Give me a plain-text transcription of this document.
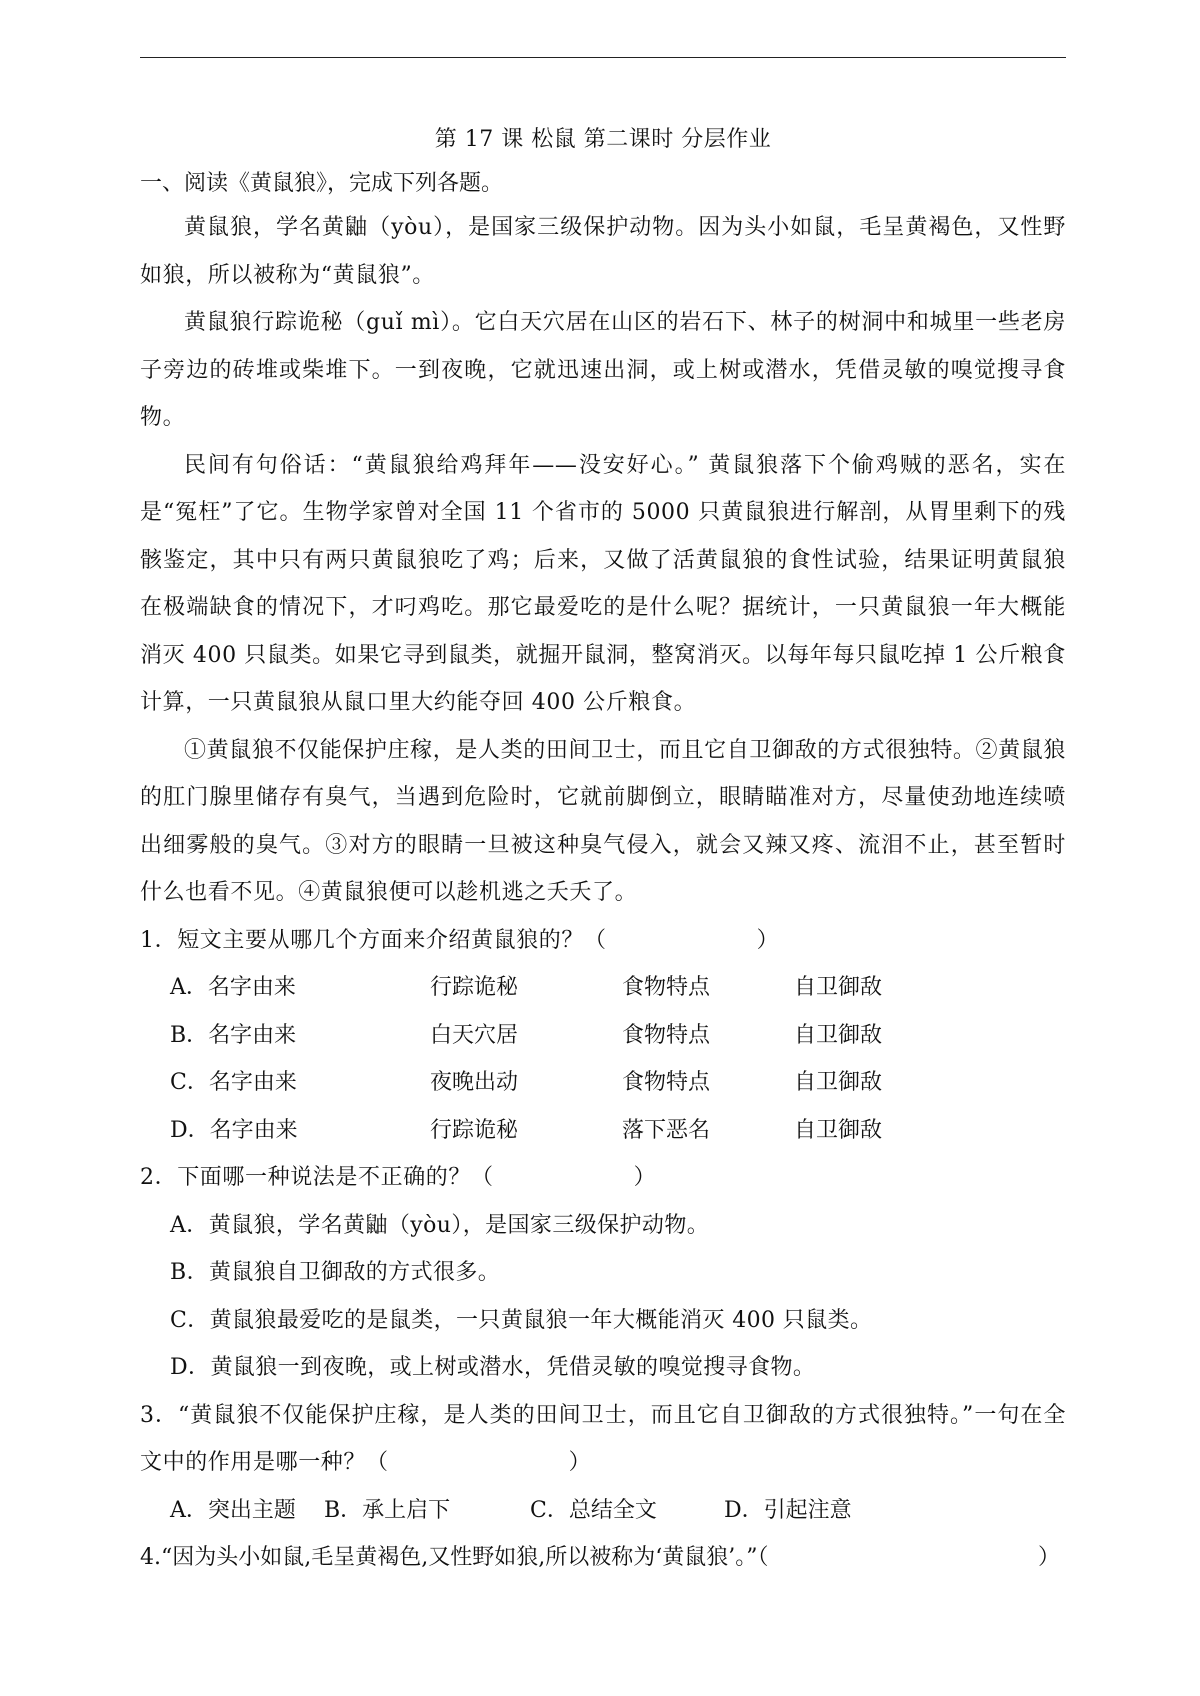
第 17 课 松鼠 第二课时 分层作业

一、阅读《黄鼠狼》，完成下列各题。

黄鼠狼，学名黄鼬（yòu），是国家三级保护动物。因为头小如鼠，毛呈黄褐色，又性野如狼，所以被称为“黄鼠狼”。

黄鼠狼行踪诡秘（guǐ mì）。它白天穴居在山区的岩石下、林子的树洞中和城里一些老房子旁边的砖堆或柴堆下。一到夜晚，它就迅速出洞，或上树或潜水，凭借灵敏的嗅觉搜寻食物。

民间有句俗话：“黄鼠狼给鸡拜年——没安好心。” 黄鼠狼落下个偷鸡贼的恶名，实在是“冤枉”了它。生物学家曾对全国 11 个省市的 5000 只黄鼠狼进行解剖，从胃里剩下的残骸鉴定，其中只有两只黄鼠狼吃了鸡；后来，又做了活黄鼠狼的食性试验，结果证明黄鼠狼在极端缺食的情况下，才叼鸡吃。那它最爱吃的是什么呢？据统计，一只黄鼠狼一年大概能消灭 400 只鼠类。如果它寻到鼠类，就掘开鼠洞，整窝消灭。以每年每只鼠吃掉 1 公斤粮食计算，一只黄鼠狼从鼠口里大约能夺回 400 公斤粮食。

①黄鼠狼不仅能保护庄稼，是人类的田间卫士，而且它自卫御敌的方式很独特。②黄鼠狼的肛门腺里储存有臭气，当遇到危险时，它就前脚倒立，眼睛瞄准对方，尽量使劲地连续喷出细雾般的臭气。③对方的眼睛一旦被这种臭气侵入，就会又辣又疼、流泪不止，甚至暂时什么也看不见。④黄鼠狼便可以趁机逃之夭夭了。

1．短文主要从哪几个方面来介绍黄鼠狼的？（	）

A．名字由来	行踪诡秘	食物特点	自卫御敌
B．名字由来	白天穴居	食物特点	自卫御敌
C．名字由来	夜晚出动	食物特点	自卫御敌
D．名字由来	行踪诡秘	落下恶名	自卫御敌

2．下面哪一种说法是不正确的？（	）

A．黄鼠狼，学名黄鼬（yòu），是国家三级保护动物。

B．黄鼠狼自卫御敌的方式很多。

C．黄鼠狼最爱吃的是鼠类，一只黄鼠狼一年大概能消灭 400 只鼠类。

D．黄鼠狼一到夜晚，或上树或潜水，凭借灵敏的嗅觉搜寻食物。

3．“黄鼠狼不仅能保护庄稼，是人类的田间卫士，而且它自卫御敌的方式很独特。”一句在全文中的作用是哪一种？（	）

A．突出主题 B．承上启下	C．总结全文	D．引起注意
4.“因为头小如鼠,毛呈黄褐色,又性野如狼,所以被称为‘黄鼠狼’。”（	）
